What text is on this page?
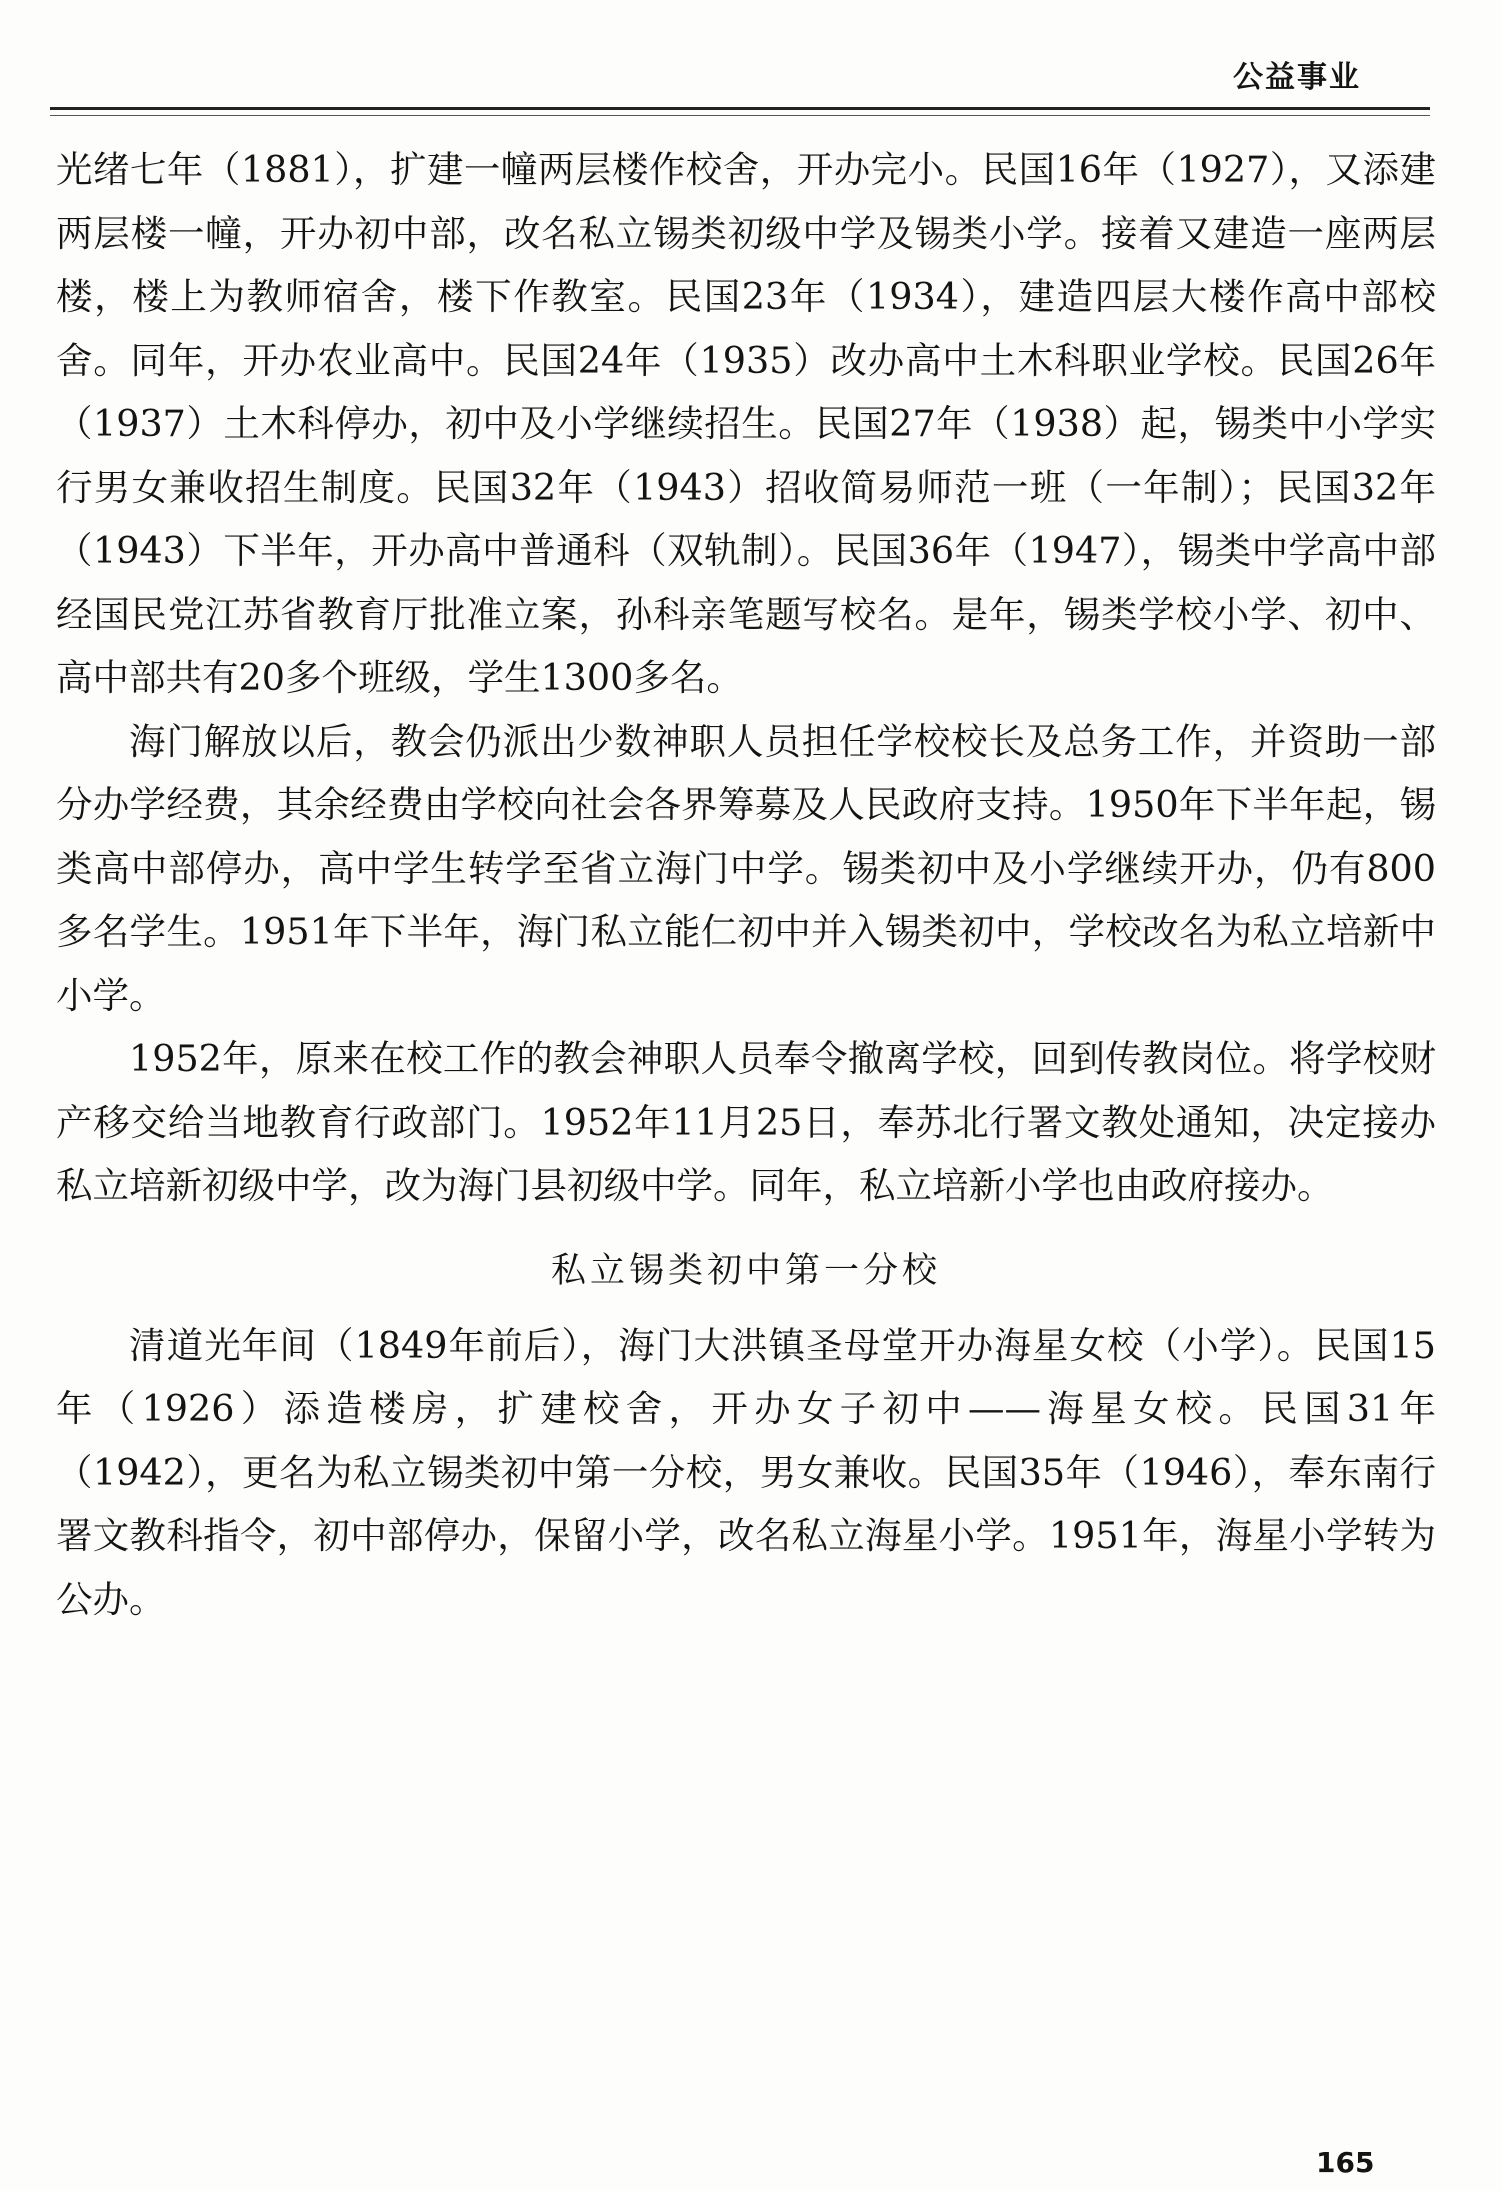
公益事业

光绪七年（1881），扩建一幢两层楼作校舍，开办完小。民国16年（1927），又添建两层楼一幢，开办初中部，改名私立锡类初级中学及锡类小学。接着又建造一座两层楼，楼上为教师宿舍，楼下作教室。民国23年（1934），建造四层大楼作高中部校舍。同年，开办农业高中。民国24年（1935）改办高中土木科职业学校。民国26年（1937）土木科停办，初中及小学继续招生。民国27年（1938）起，锡类中小学实行男女兼收招生制度。民国32年（1943）招收简易师范一班（一年制）；民国32年（1943）下半年，开办高中普通科（双轨制）。民国36年（1947），锡类中学高中部经国民党江苏省教育厅批准立案，孙科亲笔题写校名。是年，锡类学校小学、初中、高中部共有20多个班级，学生1300多名。

海门解放以后，教会仍派出少数神职人员担任学校校长及总务工作，并资助一部分办学经费，其余经费由学校向社会各界筹募及人民政府支持。1950年下半年起，锡类高中部停办，高中学生转学至省立海门中学。锡类初中及小学继续开办，仍有800多名学生。1951年下半年，海门私立能仁初中并入锡类初中，学校改名为私立培新中小学。

1952年，原来在校工作的教会神职人员奉令撤离学校，回到传教岗位。将学校财产移交给当地教育行政部门。1952年11月25日，奉苏北行署文教处通知，决定接办私立培新初级中学，改为海门县初级中学。同年，私立培新小学也由政府接办。

私立锡类初中第一分校

清道光年间（1849年前后），海门大洪镇圣母堂开办海星女校（小学）。民国15年（1926）添造楼房，扩建校舍，开办女子初中——海星女校。民国31年（1942），更名为私立锡类初中第一分校，男女兼收。民国35年（1946），奉东南行署文教科指令，初中部停办，保留小学，改名私立海星小学。1951年，海星小学转为公办。

165
